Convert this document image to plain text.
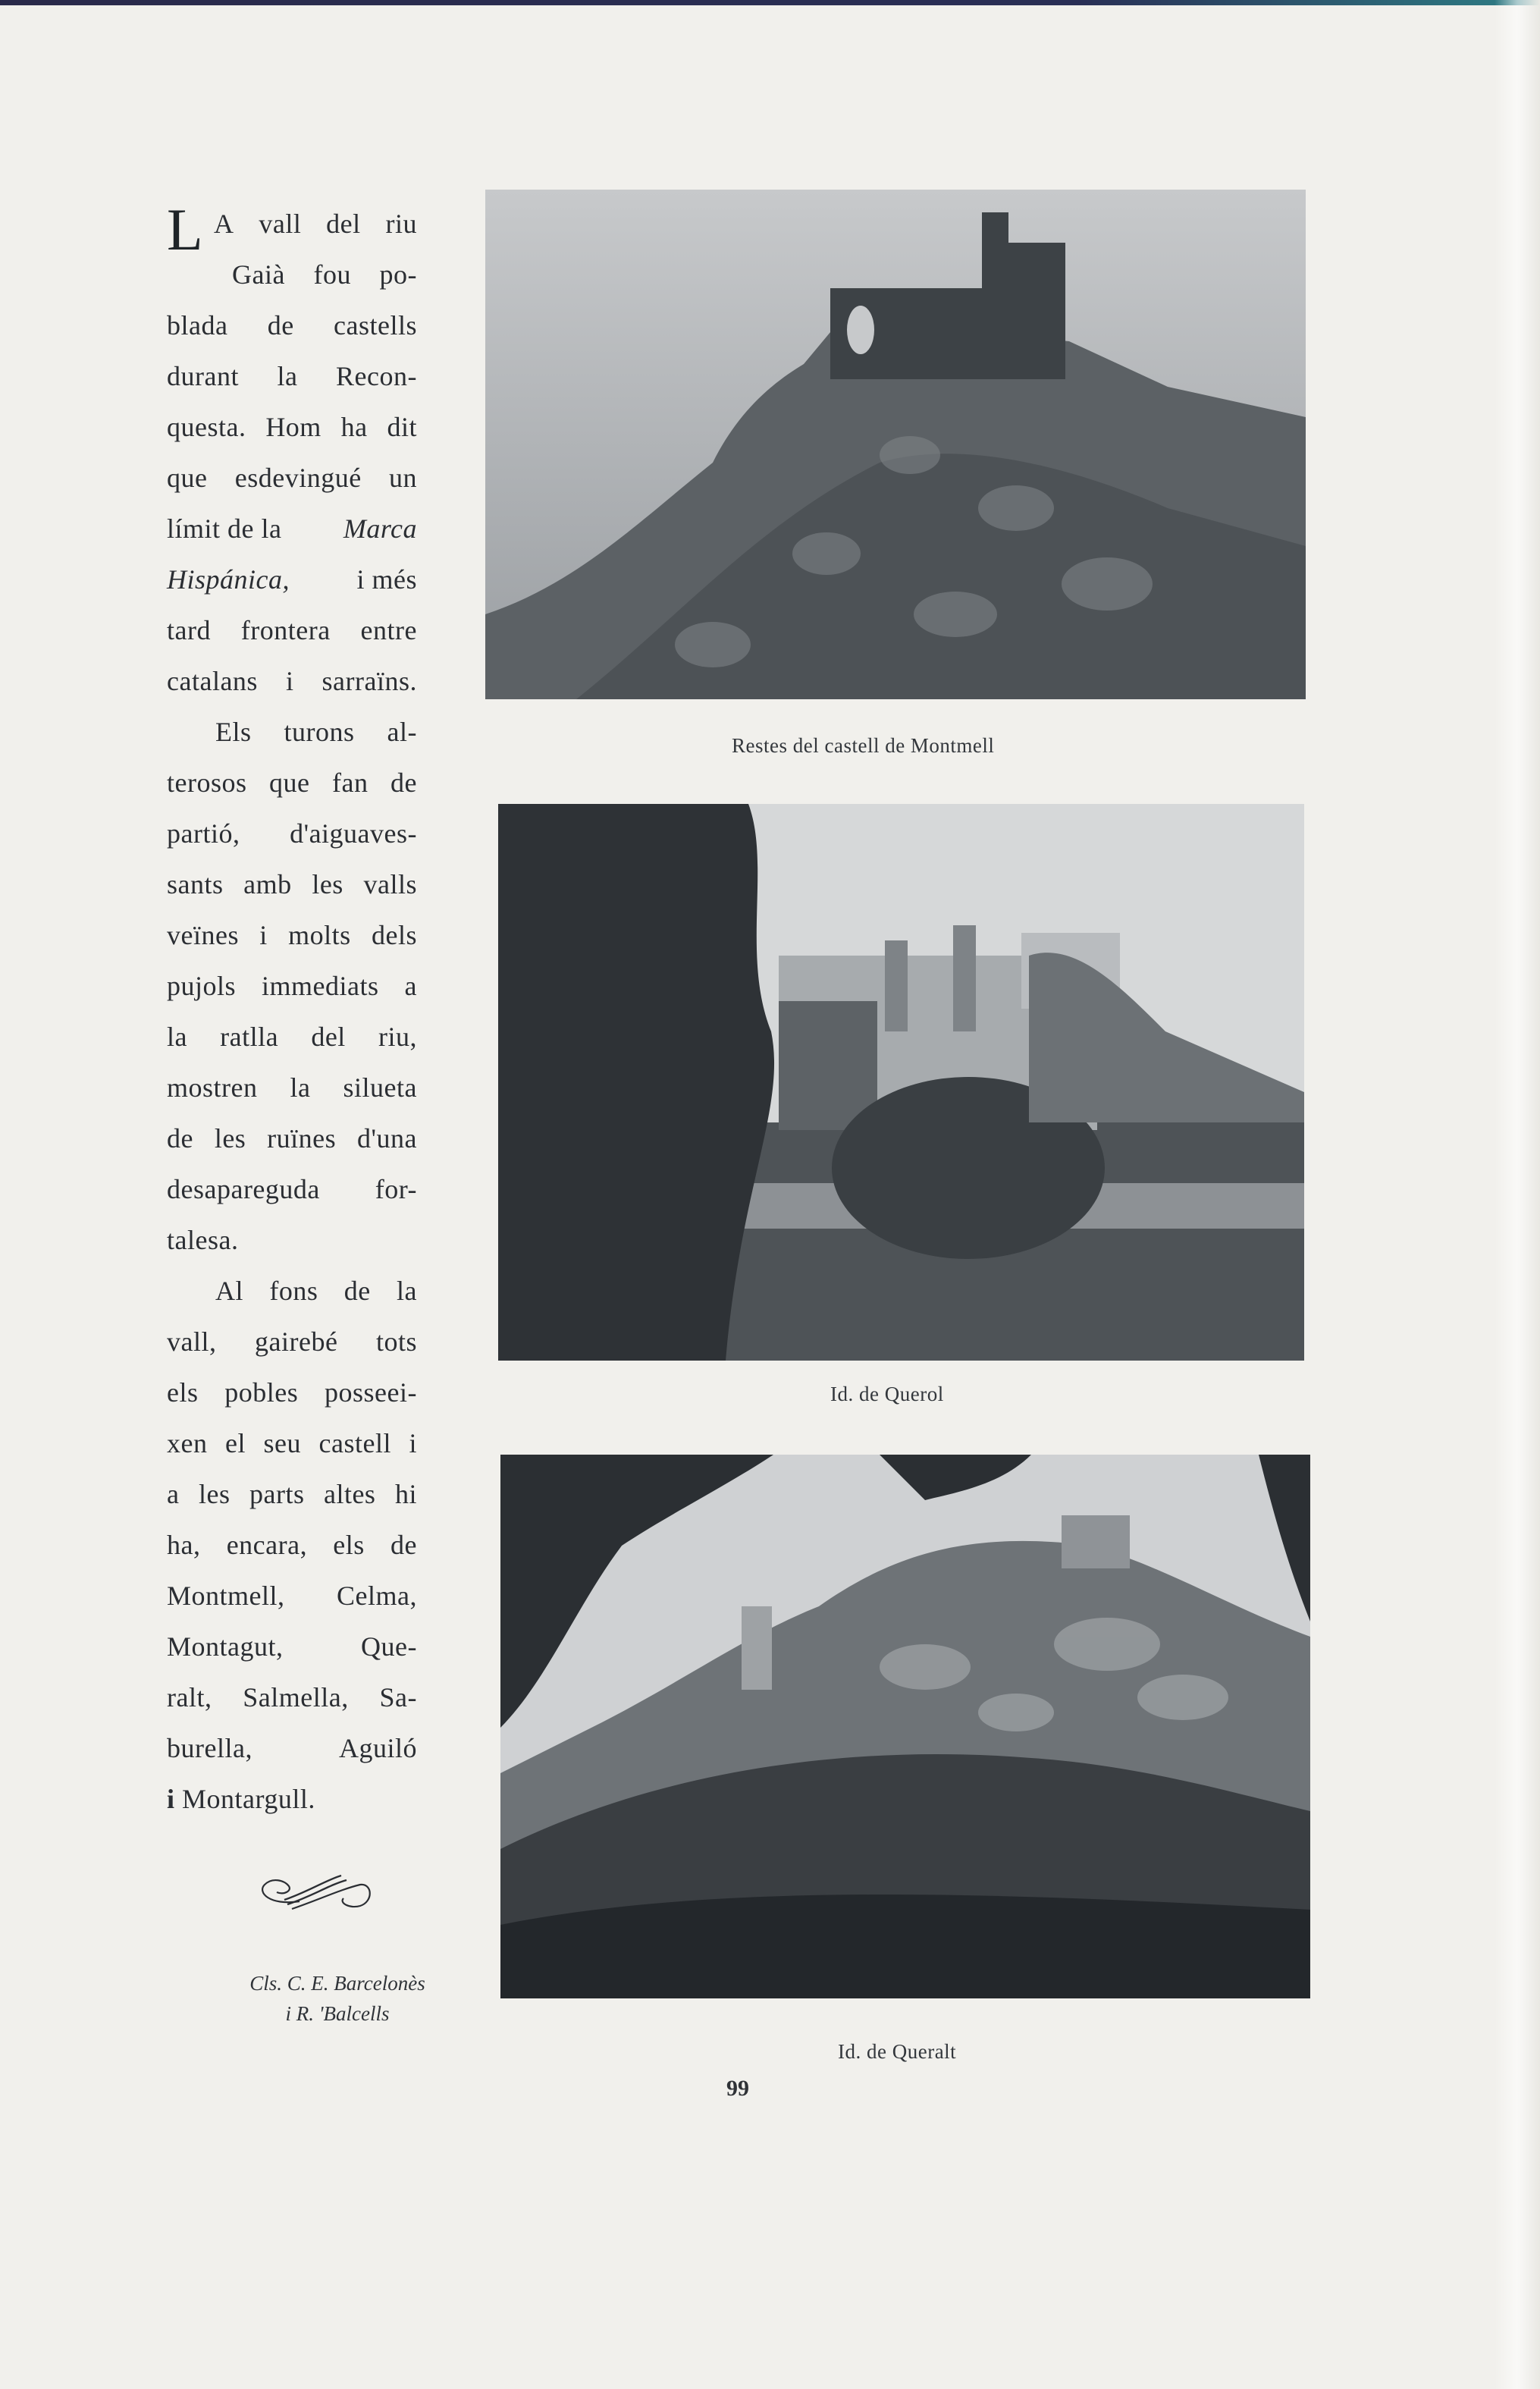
L A vall del riu
Gaià fou po-
blada de castells
durant la Recon-
questa. Hom ha dit
que esdevingué un
límit de la Marca
Hispánica, i més
tard frontera entre
catalans i sarraïns.
Els turons al-
terosos que fan de
partió, d'aiguaves-
sants amb les valls
veïnes i molts dels
pujols immediats a
la ratlla del riu,
mostren la silueta
de les ruïnes d'una
desapareguda for-
talesa.
Al fons de la
vall, gairebé tots
els pobles posseei-
xen el seu castell i
a les parts altes hi
ha, encara, els de
Montmell, Celma,
Montagut,	Que-
ralt, Salmella, Sa-
burella,	Aguiló
i
Montargull.
Cls. C. E. Barcelonès
i R. 'Balcells
Restes del castell de Montmell
Id. de Querol
Id. de Queralt
99
